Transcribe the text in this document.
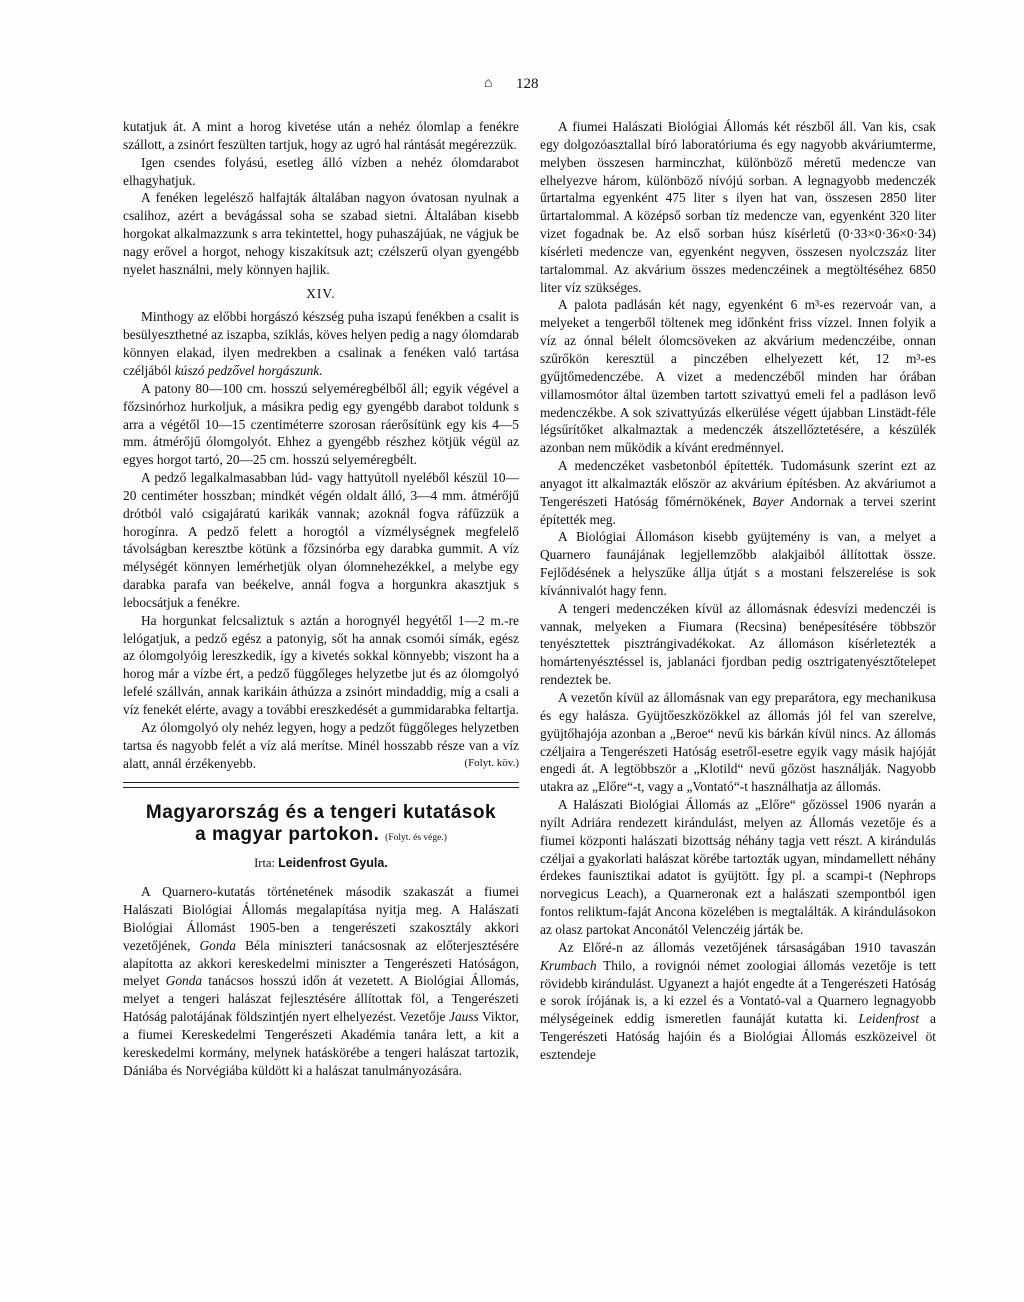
⌂ 128

kutatjuk át. A mint a horog kivetése után a nehéz ólomlap a fenékre szállott, a zsinórt feszülten tartjuk, hogy az ugró hal rántását megérezzük.

Igen csendes folyású, esetleg álló vízben a nehéz ólomdarabot elhagyhatjuk.

A fenéken legelésző halfajták általában nagyon óvatosan nyulnak a csalihoz, azért a bevágással soha se szabad sietni. Általában kisebb horgokat alkalmazzunk s arra tekintettel, hogy puhaszájúak, ne vágjuk be nagy erővel a horgot, nehogy kiszakítsuk azt; czélszerű olyan gyengébb nyelet használni, mely könnyen hajlik.

XIV.

Minthogy az előbbi horgászó készség puha iszapú fenékben a csalit is besülyeszthetné az iszapba, sziklás, köves helyen pedig a nagy ólomdarab könnyen elakad, ilyen medrekben a csalinak a fenéken való tartása czéljából kúszó pedzővel horgászunk.

A patony 80—100 cm. hosszú selyeméregbélből áll; egyik végével a főzsinórhoz hurkoljuk, a másikra pedig egy gyengébb darabot toldunk s arra a végétől 10—15 czentiméterre szorosan ráerősítünk egy kis 4—5 mm. átmérőjű ólomgolyót. Ehhez a gyengébb részhez kötjük végül az egyes horgot tartó, 20—25 cm. hosszú selyeméregbélt.

A pedző legalkalmasabban lúd- vagy hattyútoll nyeléből készül 10—20 centiméter hosszban; mindkét végén oldalt álló, 3—4 mm. átmérőjű drótból való csigajáratú karikák vannak; azoknál fogva ráfűzzük a horogínra. A pedző felett a horogtól a vízmélységnek megfelelő távolságban keresztbe kötünk a főzsinórba egy darabka gummit. A víz mélységét könnyen lemérhetjük olyan ólomnehezékkel, a melybe egy darabka parafa van beékelve, annál fogva a horgunkra akasztjuk s lebocsátjuk a fenékre.

Ha horgunkat felcsaliztuk s aztán a horognyél hegyétől 1—2 m.-re lelógatjuk, a pedző egész a patonyig, sőt ha annak csomói símák, egész az ólomgolyóig lereszkedik, így a kivetés sokkal könnyebb; viszont ha a horog már a vízbe ért, a pedző függőleges helyzetbe jut és az ólomgolyó lefelé szállván, annak karikáin áthúzza a zsinórt mindaddig, míg a csali a víz fenekét elérte, avagy a további ereszkedését a gummidarabka feltartja.

Az ólomgolyó oly nehéz legyen, hogy a pedzőt függőleges helyzetben tartsa és nagyobb felét a víz alá merítse. Minél hosszabb része van a víz alatt, annál érzékenyebb.	(Folyt. köv.)

Magyarország és a tengeri kutatások
a magyar partokon. (Folyt. és vége.)
Irta: Leidenfrost Gyula.

A Quarnero-kutatás történetének második szakaszát a fiumei Halászati Biológiai Állomás megalapítása nyitja meg. A Halászati Biológiai Állomást 1905-ben a tengerészeti szakosztály akkori vezetőjének, Gonda Béla miniszteri tanácsosnak az előterjesztésére alapította az akkori kereskedelmi miniszter a Tengerészeti Hatóságon, melyet Gonda tanácsos hosszú időn át vezetett. A Biológiai Állomás, melyet a tengeri halászat fejlesztésére állítottak föl, a Tengerészeti Hatóság palotájának földszintjén nyert elhelyezést. Vezetője Jauss Viktor, a fiumei Kereskedelmi Tengerészeti Akadémia tanára lett, a kit a kereskedelmi kormány, melynek hatáskörébe a tengeri halászat tartozik, Dániába és Norvégiába küldött ki a halászat tanulmányozására.

A fiumei Halászati Biológiai Állomás két részből áll. Van kis, csak egy dolgozóasztallal bíró laboratóriuma és egy nagyobb akváriumterme, melyben összesen harminczhat, különböző méretű medencze van elhelyezve három, különböző nívójú sorban. A legnagyobb medenczék űrtartalma egyenként 475 liter s ilyen hat van, összesen 2850 liter űrtartalommal. A középső sorban tíz medencze van, egyenként 320 liter vizet fogadnak be. Az első sorban húsz kísérletű (0·33×0·36×0·34) kísérleti medencze van, egyenként negyven, összesen nyolczszáz liter tartalommal. Az akvárium összes medenczéinek a megtöltéséhez 6850 liter víz szükséges.

A palota padlásán két nagy, egyenként 6 m³-es rezervoár van, a melyeket a tengerből töltenek meg időnként friss vízzel. Innen folyik a víz az ónnal bélelt ólomcsöveken az akvárium medenczéibe, onnan szűrőkön keresztül a pinczében elhelyezett két, 12 m³-es gyűjtőmedenczébe. A vizet a medenczéből minden har órában villamosmótor által üzemben tartott szivattyú emeli fel a padláson levő medenczékbe. A sok szivattyúzás elkerülése végett újabban Linstädt-féle légsűrítőket alkalmaztak a medenczék átszellőztetésére, a készülék azonban nem működik a kívánt eredménnyel.

A medenczéket vasbetonból építették. Tudomásunk szerint ezt az anyagot itt alkalmazták először az akvárium építésben. Az akváriumot a Tengerészeti Hatóság főmérnökének, Bayer Andornak a tervei szerint építették meg.

A Biológiai Állomáson kisebb gyüjtemény is van, a melyet a Quarnero faunájának legjellemzőbb alakjaiból állítottak össze. Fejlődésének a helyszűke állja útját s a mostani felszerelése is sok kívánnivalót hagy fenn.

A tengeri medenczéken kívül az állomásnak édesvízi medenczéi is vannak, melyeken a Fiumara (Recsina) benépesítésére többször tenyésztettek pisztrángivadékokat. Az állomáson kísérletezték a homártenyésztéssel is, jablanáci fjordban pedig osztrigatenyésztőtelepet rendeztek be.

A vezetőn kívül az állomásnak van egy preparátora, egy mechanikusa és egy halásza. Gyüjtőeszközökkel az állomás jól fel van szerelve, gyüjtőhajója azonban a „Beroe“ nevű kis bárkán kívül nincs. Az állomás czéljaira a Tengerészeti Hatóság esetről-esetre egyik vagy másik hajóját engedi át. A legtöbbször a „Klotild“ nevű gőzöst használják. Nagyobb utakra az „Előre“-t, vagy a „Vontató“-t használhatja az állomás.

A Halászati Biológiai Állomás az „Előre“ gőzössel 1906 nyarán a nyílt Adriára rendezett kirándulást, melyen az Állomás vezetője és a fiumei központi halászati bizottság néhány tagja vett részt. A kirándulás czéljai a gyakorlati halászat körébe tartozták ugyan, mindamellett néhány érdekes faunisztikai adatot is gyüjtött. Így pl. a scampi-t (Nephrops norvegicus Leach), a Quarneronak ezt a halászati szempontból igen fontos reliktum-faját Ancona közelében is megtalálták. A kirándulásokon az olasz partokat Anconától Velenczéig járták be.

Az Előré-n az állomás vezetőjének társaságában 1910 tavaszán Krumbach Thilo, a rovignói német zoologiai állomás vezetője is tett rövidebb kirándulást. Ugyanezt a hajót engedte át a Tengerészeti Hatóság e sorok írójának is, a ki ezzel és a Vontató-val a Quarnero legnagyobb mélységeinek eddig ismeretlen faunáját kutatta ki. Leidenfrost a Tengerészeti Hatóság hajóin és a Biológiai Állomás eszközeivel öt esztendeje
